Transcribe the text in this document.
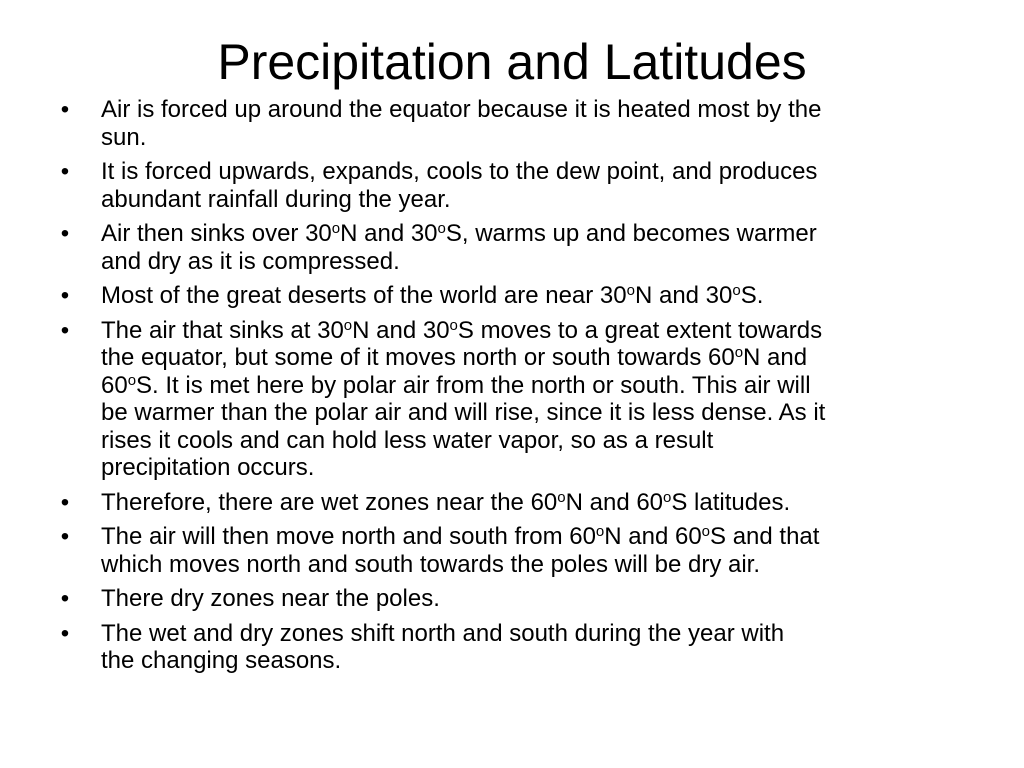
Precipitation and Latitudes
• Air is forced up around the equator because it is heated most by the
sun.
• It is forced upwards, expands, cools to the dew point, and produces
abundant rainfall during the year.
• Air then sinks over 30$^o$N and 30$^o$S, warms up and becomes warmer
and dry as it is compressed.
• Most of the great deserts of the world are near 30$^o$N and 30$^o$S.
• The air that sinks at 30$^o$N and 30$^o$S moves to a great extent towards
the equator, but some of it moves north or south towards 60$^o$N and
60$^o$S. It is met here by polar air from the north or south. This air will
be warmer than the polar air and will rise, since it is less dense. As it
rises it cools and can hold less water vapor, so as a result
precipitation occurs.
• Therefore, there are wet zones near the 60$^o$N and 60$^o$S latitudes.
• The air will then move north and south from 60$^o$N and 60$^o$S and that
which moves north and south towards the poles will be dry air.
• There dry zones near the poles.
• The wet and dry zones shift north and south during the year with
the changing seasons.
